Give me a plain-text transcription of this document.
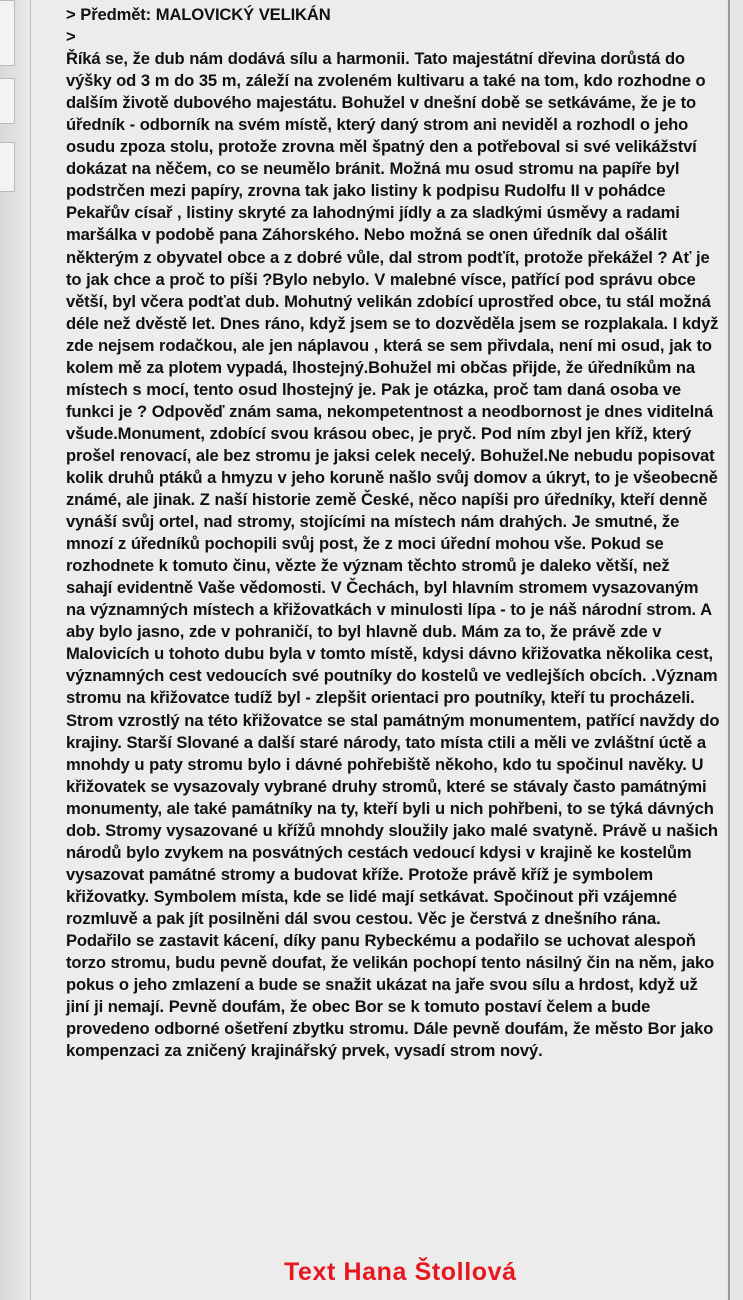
> Předmět: MALOVICKÝ VELIKÁN
>
Říká se, že dub nám dodává sílu a harmonii. Tato majestátní dřevina dorůstá do výšky od 3 m do 35 m, záleží na zvoleném kultivaru a také na tom, kdo rozhodne o dalším životě dubového majestátu. Bohužel v dnešní době se setkáváme, že je to úředník - odborník na svém místě, který daný strom ani neviděl a rozhodl o jeho osudu zpoza stolu, protože zrovna měl špatný den a potřeboval si své velikážství dokázat na něčem, co se neumělo bránit. Možná mu osud stromu na papíře byl podstrčen mezi papíry, zrovna tak jako listiny k podpisu Rudolfu II v pohádce Pekařův císař , listiny skryté za lahodnými jídly a za sladkými úsměvy a radami maršálka v podobě pana Záhorského. Nebo možná se onen úředník dal ošálit některým z obyvatel obce a z dobré vůle, dal strom podťít, protože překážel ? Ať je to jak chce a proč to píši ?Bylo nebylo. V malebné vísce, patřící pod správu obce větší, byl včera podťat dub. Mohutný velikán zdobící uprostřed obce, tu stál možná déle než dvěstě let. Dnes ráno, když jsem se to dozvěděla jsem se rozplakala. I když zde nejsem rodačkou, ale jen náplavou , která se sem přivdala, není mi osud, jak to kolem mě za plotem vypadá, lhostejný.Bohužel mi občas přijde, že úředníkům na místech s mocí, tento osud lhostejný je. Pak je otázka, proč tam daná osoba ve funkci je ? Odpověď znám sama, nekompetentnost a neodbornost je dnes viditelná všude.Monument, zdobící svou krásou obec, je pryč. Pod ním zbyl jen kříž, který prošel renovací, ale bez stromu je jaksi celek necelý. Bohužel.Ne nebudu popisovat kolik druhů ptáků a hmyzu v jeho koruně našlo svůj domov a úkryt, to je všeobecně známé, ale jinak. Z naší historie země České, něco napíši pro úředníky, kteří denně vynáší svůj ortel, nad stromy, stojícími na místech nám drahých. Je smutné, že mnozí z úředníků pochopili svůj post, že z moci úřední mohou vše. Pokud se rozhodnete k tomuto činu, vězte že význam těchto stromů je daleko větší, než sahají evidentně Vaše vědomosti. V Čechách, byl hlavním stromem vysazovaným na významných místech a křižovatkách v minulosti lípa - to je náš národní strom. A aby bylo jasno, zde v pohraničí, to byl hlavně dub. Mám za to, že právě zde v Malovicích u tohoto dubu byla v tomto místě, kdysi dávno křižovatka několika cest, významných cest vedoucích své poutníky do kostelů ve vedlejších obcích. .Význam stromu na křižovatce tudíž byl - zlepšit orientaci pro poutníky, kteří tu procházeli. Strom vzrostlý na této křižovatce se stal památným monumentem, patřící navždy do krajiny. Starší Slované a další staré národy, tato místa ctili a měli ve zvláštní úctě a mnohdy u paty stromu bylo i dávné pohřebiště někoho, kdo tu spočinul navěky. U křižovatek se vysazovaly vybrané druhy stromů, které se stávaly často památnými monumenty, ale také památníky na ty, kteří byli u nich pohřbeni, to se týká dávných dob. Stromy vysazované u křížů mnohdy sloužily jako malé svatyně. Právě u našich národů bylo zvykem na posvátných cestách vedoucí kdysi v krajině ke kostelům vysazovat památné stromy a budovat kříže. Protože právě kříž je symbolem křižovatky. Symbolem místa, kde se lidé mají setkávat. Spočinout při vzájemné rozmluvě a pak jít posilněni dál svou cestou. Věc je čerstvá z dnešního rána. Podařilo se zastavit kácení, díky panu Rybeckému a podařilo se uchovat alespoň torzo stromu, budu pevně doufat, že velikán pochopí tento násilný čin na něm, jako pokus o jeho zmlazení a bude se snažit ukázat na jaře svou sílu a hrdost, když už jiní ji nemají. Pevně doufám, že obec Bor se k tomuto postaví čelem a bude provedeno odborné ošetření zbytku stromu. Dále pevně doufám, že město Bor jako kompenzaci za zničený krajinářský prvek, vysadí strom nový.
Text Hana Štollová
